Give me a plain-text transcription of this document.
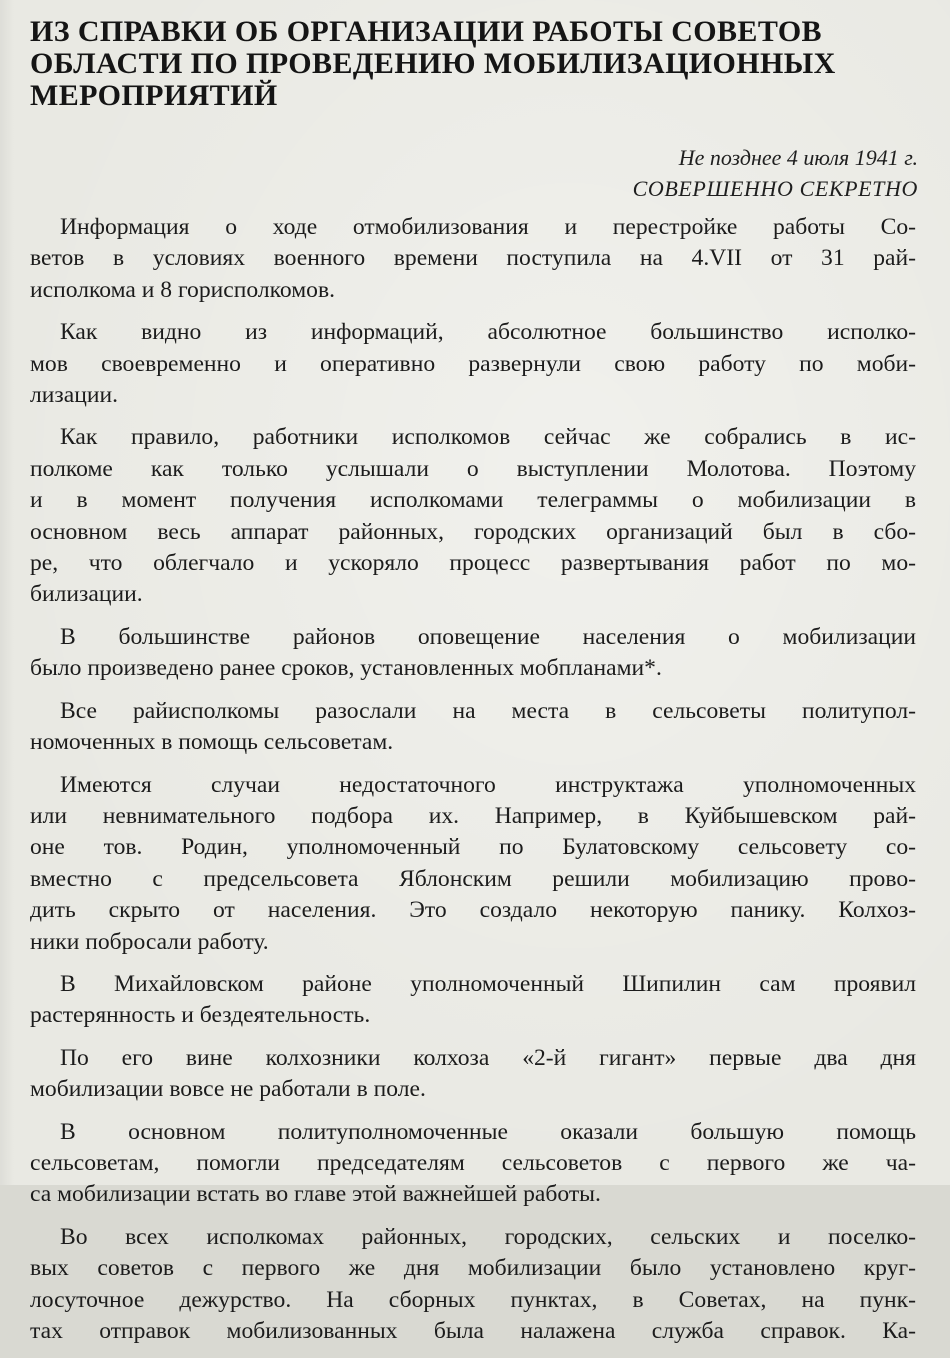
ИЗ СПРАВКИ ОБ ОРГАНИЗАЦИИ РАБОТЫ СОВЕТОВ
ОБЛАСТИ ПО ПРОВЕДЕНИЮ МОБИЛИЗАЦИОННЫХ
МЕРОПРИЯТИЙ
Не позднее 4 июля 1941 г.
СОВЕРШЕННО СЕКРЕТНО

Информация о ходе отмобилизования и перестройке работы Со-
ветов в условиях военного времени поступила на 4.VII от 31 рай-
исполкома и 8 горисполкомов.

Как видно из информаций, абсолютное большинство исполко-
мов своевременно и оперативно развернули свою работу по моби-
лизации.

Как правило, работники исполкомов сейчас же собрались в ис-
полкоме как только услышали о выступлении Молотова. Поэтому
и в момент получения исполкомами телеграммы о мобилизации в
основном весь аппарат районных, городских организаций был в сбо-
ре, что облегчало и ускоряло процесс развертывания работ по мо-
билизации.

В большинстве районов оповещение населения о мобилизации
было произведено ранее сроков, установленных мобпланами*.

Все райисполкомы разослали на места в сельсоветы политупол-
номоченных в помощь сельсоветам.

Имеются случаи недостаточного инструктажа уполномоченных
или невнимательного подбора их. Например, в Куйбышевском рай-
оне тов. Родин, уполномоченный по Булатовскому сельсовету со-
вместно с предсельсовета Яблонским решили мобилизацию прово-
дить скрыто от населения. Это создало некоторую панику. Колхоз-
ники побросали работу.

В Михайловском районе уполномоченный Шипилин сам проявил
растерянность и бездеятельность.

По его вине колхозники колхоза «2-й гигант» первые два дня
мобилизации вовсе не работали в поле.

В основном политуполномоченные оказали большую помощь
сельсоветам, помогли председателям сельсоветов с первого же ча-
са мобилизации встать во главе этой важнейшей работы.

Во всех исполкомах районных, городских, сельских и поселко-
вых советов с первого же дня мобилизации было установлено круг-
лосуточное дежурство. На сборных пунктах, в Советах, на пунк-
тах отправок мобилизованных была налажена служба справок. Ка-
